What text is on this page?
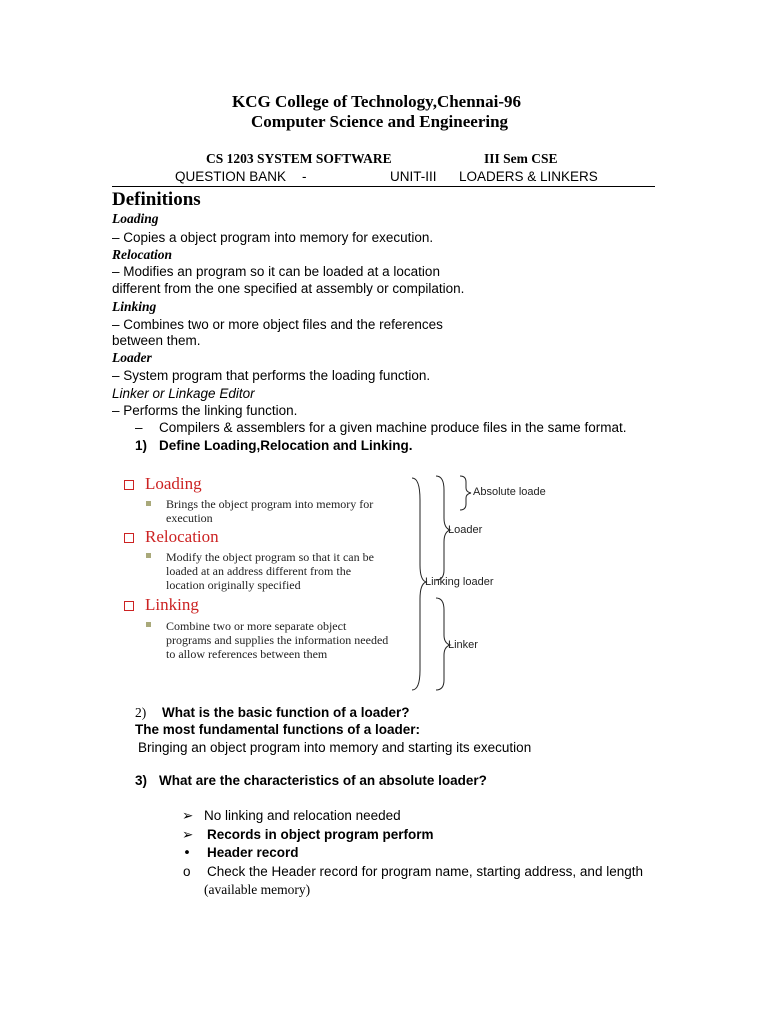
KCG College of Technology,Chennai-96
Computer Science and Engineering
CS 1203 SYSTEM SOFTWARE	III Sem CSE
QUESTION BANK -	UNIT-III LOADERS & LINKERS
Definitions
Loading
– Copies a object program into memory for execution.
Relocation
– Modifies an program so it can be loaded at a location
different from the one specified at assembly or compilation.
Linking
– Combines two or more object files and the references
between them.
Loader
– System program that performs the loading function.
Linker or Linkage Editor
– Performs the linking function.
– Compilers & assemblers for a given machine produce files in the same format.
1) Define Loading,Relocation and Linking.
Loading
Brings the object program into memory for
execution
Relocation
Modify the object program so that it can be
loaded at an address different from the
location originally specified
Linking
Combine two or more separate object
programs and supplies the information needed
to allow references between them
Absolute loade
Loader
Linking loader
Linker
2) What is the basic function of a loader?
The most fundamental functions of a loader:
Bringing an object program into memory and starting its execution
3) What are the characteristics of an absolute loader?
➢ No linking and relocation needed
➢ Records in object program perform
• Header record
o Check the Header record for program name, starting address, and length
(available memory)
